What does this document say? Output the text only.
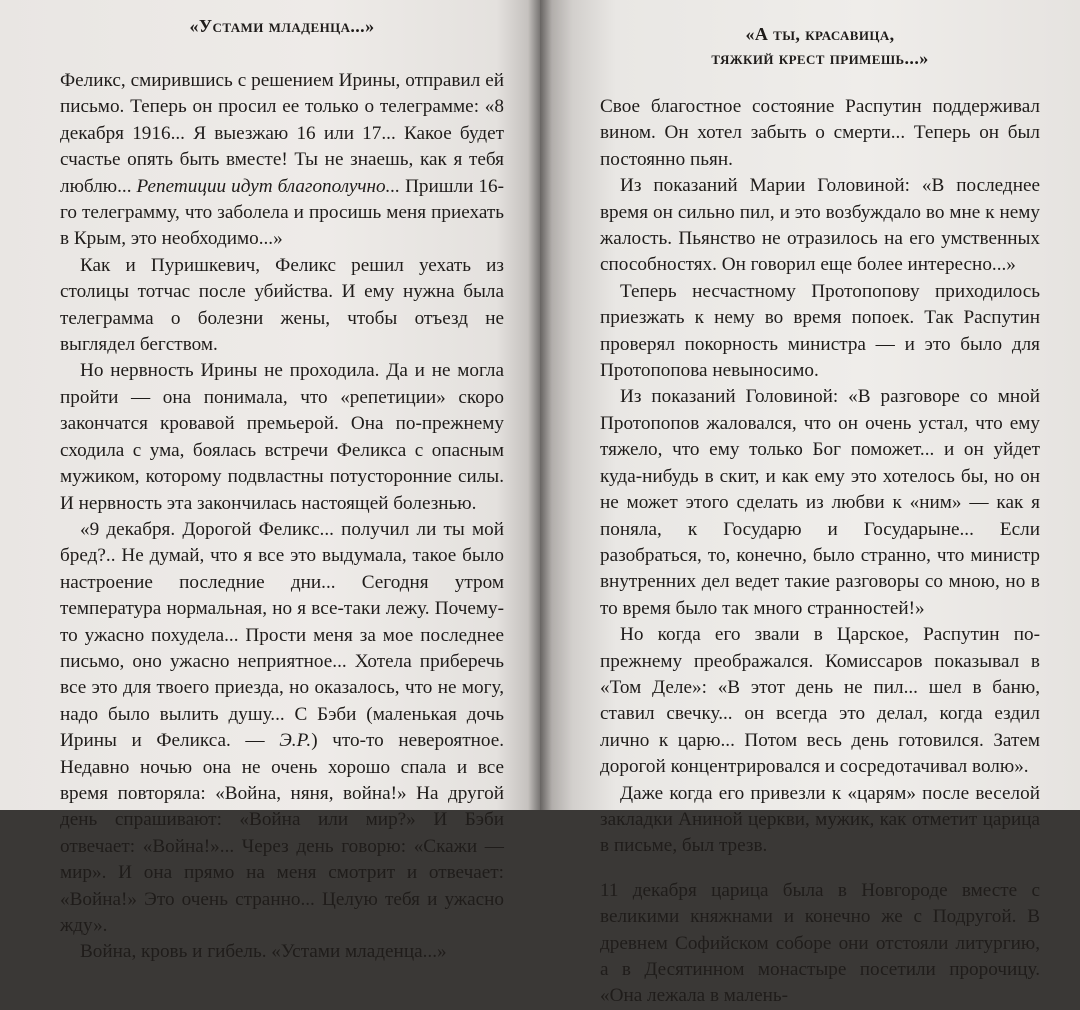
«Устами младенца...»

Феликс, смирившись с решением Ирины, отправил ей письмо. Теперь он просил ее только о телеграмме: «8 декабря 1916... Я выезжаю 16 или 17... Какое будет счастье опять быть вместе! Ты не знаешь, как я тебя люблю... Репетиции идут благополучно... Пришли 16-го телеграмму, что заболела и просишь меня приехать в Крым, это необходимо...»

Как и Пуришкевич, Феликс решил уехать из столицы тотчас после убийства. И ему нужна была телеграмма о болезни жены, чтобы отъезд не выглядел бегством.

Но нервность Ирины не проходила. Да и не могла пройти — она понимала, что «репетиции» скоро закончатся кровавой премьерой. Она по-прежнему сходила с ума, боялась встречи Феликса с опасным мужиком, которому подвластны потусторонние силы. И нервность эта закончилась настоящей болезнью.

«9 декабря. Дорогой Феликс... получил ли ты мой бред?.. Не думай, что я все это выдумала, такое было настроение последние дни... Сегодня утром температура нормальная, но я все-таки лежу. Почему-то ужасно похудела... Прости меня за мое последнее письмо, оно ужасно неприятное... Хотела приберечь все это для твоего приезда, но оказалось, что не могу, надо было вылить душу... С Бэби (маленькая дочь Ирины и Феликса. — Э.Р.) что-то невероятное. Недавно ночью она не очень хорошо спала и все время повторяла: «Война, няня, война!» На другой день спрашивают: «Война или мир?» И Бэби отвечает: «Война!»... Через день говорю: «Скажи — мир». И она прямо на меня смотрит и отвечает: «Война!» Это очень странно... Целую тебя и ужасно жду».

Война, кровь и гибель. «Устами младенца...»

«А ты, красавица,
тяжкий крест примешь...»

Свое благостное состояние Распутин поддерживал вином. Он хотел забыть о смерти... Теперь он был постоянно пьян.

Из показаний Марии Головиной: «В последнее время он сильно пил, и это возбуждало во мне к нему жалость. Пьянство не отразилось на его умственных способностях. Он говорил еще более интересно...»

Теперь несчастному Протопопову приходилось приезжать к нему во время попоек. Так Распутин проверял покорность министра — и это было для Протопопова невыносимо.

Из показаний Головиной: «В разговоре со мной Протопопов жаловался, что он очень устал, что ему тяжело, что ему только Бог поможет... и он уйдет куда-нибудь в скит, и как ему это хотелось бы, но он не может этого сделать из любви к «ним» — как я поняла, к Государю и Государыне... Если разобраться, то, конечно, было странно, что министр внутренних дел ведет такие разговоры со мною, но в то время было так много странностей!»

Но когда его звали в Царское, Распутин по-прежнему преображался. Комиссаров показывал в «Том Деле»: «В этот день не пил... шел в баню, ставил свечку... он всегда это делал, когда ездил лично к царю... Потом весь день готовился. Затем дорогой концентрировался и сосредотачивал волю».

Даже когда его привезли к «царям» после веселой закладки Аниной церкви, мужик, как отметит царица в письме, был трезв.

11 декабря царица была в Новгороде вместе с великими княжнами и конечно же с Подругой. В древнем Софийском соборе они отстояли литургию, а в Десятинном монастыре посетили пророчицу. «Она лежала в малень-
